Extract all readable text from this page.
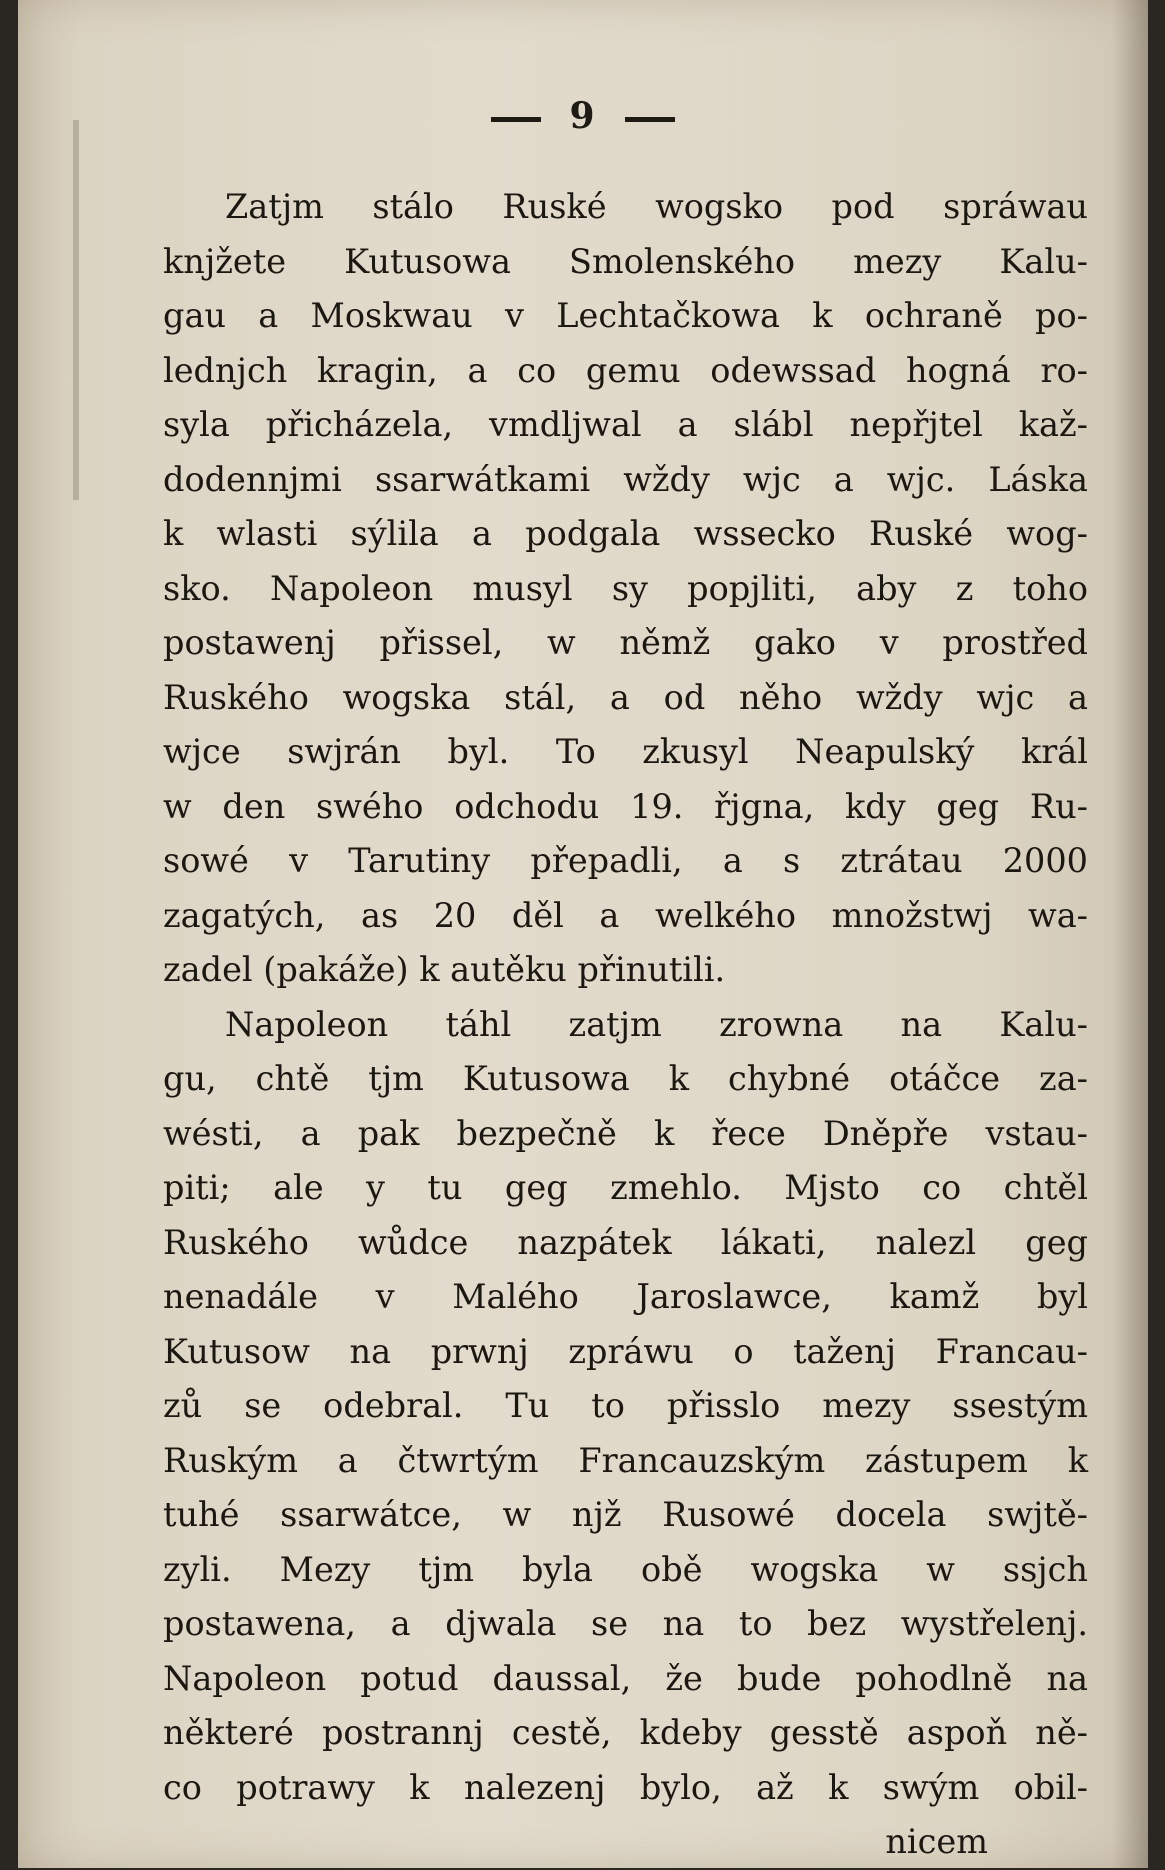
9
Zatjm stálo Ruské wogsko pod spráwau
knjžete Kutusowa Smolenského mezy Kalu-
gau a Moskwau v Lechtačkowa k ochraně po-
lednjch kragin, a co gemu odewssad hogná ro-
syla přicházela, vmdljwal a slábl nepřjtel kaž-
dodennjmi ssarwátkami wždy wjc a wjc. Láska
k wlasti sýlila a podgala wssecko Ruské wog-
sko. Napoleon musyl sy popjliti, aby z toho
postawenj přissel, w němž gako v prostřed
Ruského wogska stál, a od něho wždy wjc a
wjce swjrán byl. To zkusyl Neapulský král
w den swého odchodu 19. řjgna, kdy geg Ru-
sowé v Tarutiny přepadli, a s ztrátau 2000
zagatých, as 20 děl a welkého množstwj wa-
zadel (pakáže) k autěku přinutili.
Napoleon táhl zatjm zrowna na Kalu-
gu, chtě tjm Kutusowa k chybné otáčce za-
wésti, a pak bezpečně k řece Dněpře vstau-
piti; ale y tu geg zmehlo. Mjsto co chtěl
Ruského wůdce nazpátek lákati, nalezl geg
nenadále v Malého Jaroslawce, kamž byl
Kutusow na prwnj zpráwu o taženj Francau-
zů se odebral. Tu to přisslo mezy ssestým
Ruským a čtwrtým Francauzským zástupem k
tuhé ssarwátce, w njž Rusowé docela swjtě-
zyli. Mezy tjm byla obě wogska w ssjch
postawena, a djwala se na to bez wystřelenj.
Napoleon potud daussal, že bude pohodlně na
některé postrannj cestě, kdeby gesstě aspoň ně-
co potrawy k nalezenj bylo, až k swým obil-
nicem
